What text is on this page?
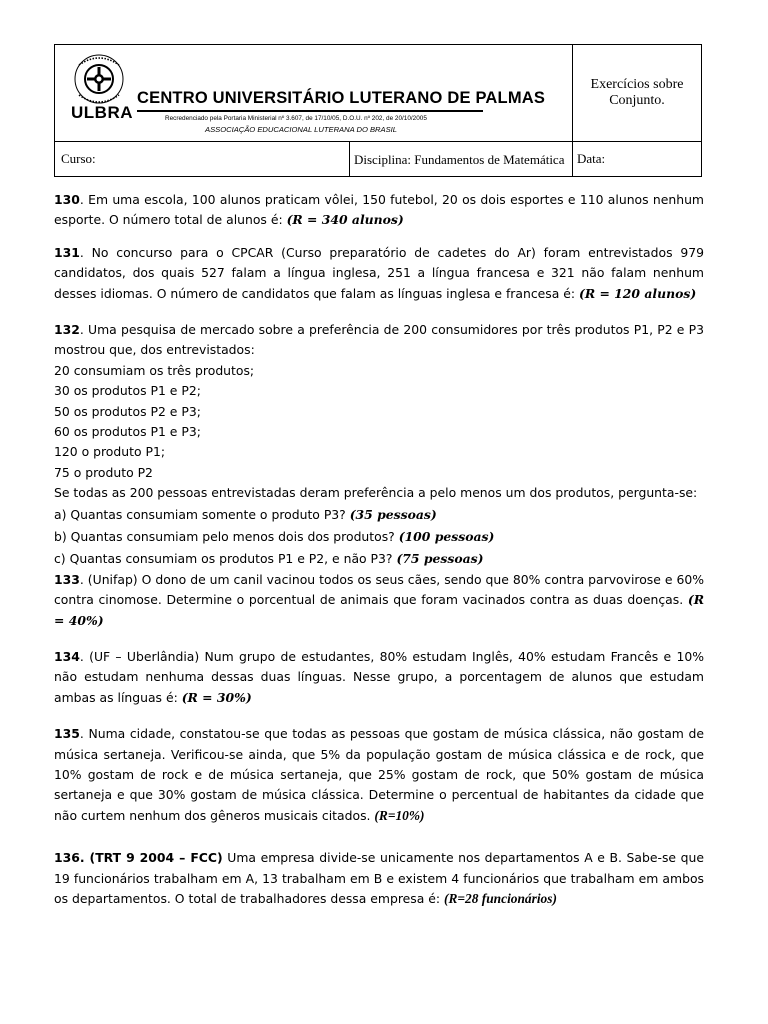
ULBRA
CENTRO UNIVERSITÁRIO LUTERANO DE PALMAS
Recredenciado pela Portaria Ministerial nº 3.607, de 17/10/05, D.O.U. nº 202, de 20/10/2005
ASSOCIAÇÃO EDUCACIONAL LUTERANA DO BRASIL		Exercícios sobre Conjunto.
Curso:	Disciplina: Fundamentos de Matemática	Data:

130. Em uma escola, 100 alunos praticam vôlei, 150 futebol, 20 os dois esportes e 110 alunos nenhum esporte. O número total de alunos é: (R = 340 alunos)

131. No concurso para o CPCAR (Curso preparatório de cadetes do Ar) foram entrevistados 979 candidatos, dos quais 527 falam a língua inglesa, 251 a língua francesa e 321 não falam nenhum desses idiomas. O número de candidatos que falam as línguas inglesa e francesa é: (R = 120 alunos)

132. Uma pesquisa de mercado sobre a preferência de 200 consumidores por três produtos P1, P2 e P3 mostrou que, dos entrevistados:

20 consumiam os três produtos;
30 os produtos P1 e P2;
50 os produtos P2 e P3;
60 os produtos P1 e P3;
120 o produto P1;
75 o produto P2
Se todas as 200 pessoas entrevistadas deram preferência a pelo menos um dos produtos, pergunta-se:
a) Quantas consumiam somente o produto P3? (35 pessoas)
b) Quantas consumiam pelo menos dois dos produtos? (100 pessoas)
c) Quantas consumiam os produtos P1 e P2, e não P3? (75 pessoas)

133. (Unifap) O dono de um canil vacinou todos os seus cães, sendo que 80% contra parvovirose e 60% contra cinomose. Determine o porcentual de animais que foram vacinados contra as duas doenças. (R = 40%)

134. (UF – Uberlândia) Num grupo de estudantes, 80% estudam Inglês, 40% estudam Francês e 10% não estudam nenhuma dessas duas línguas. Nesse grupo, a porcentagem de alunos que estudam ambas as línguas é: (R = 30%)

135. Numa cidade, constatou-se que todas as pessoas que gostam de música clássica, não gostam de música sertaneja. Verificou-se ainda, que 5% da população gostam de música clássica e de rock, que 10% gostam de rock e de música sertaneja, que 25% gostam de rock, que 50% gostam de música sertaneja e que 30% gostam de música clássica. Determine o percentual de habitantes da cidade que não curtem nenhum dos gêneros musicais citados. (R=10%)

136. (TRT 9 2004 – FCC) Uma empresa divide-se unicamente nos departamentos A e B. Sabe-se que 19 funcionários trabalham em A, 13 trabalham em B e existem 4 funcionários que trabalham em ambos os departamentos. O total de trabalhadores dessa empresa é: (R=28 funcionários)
